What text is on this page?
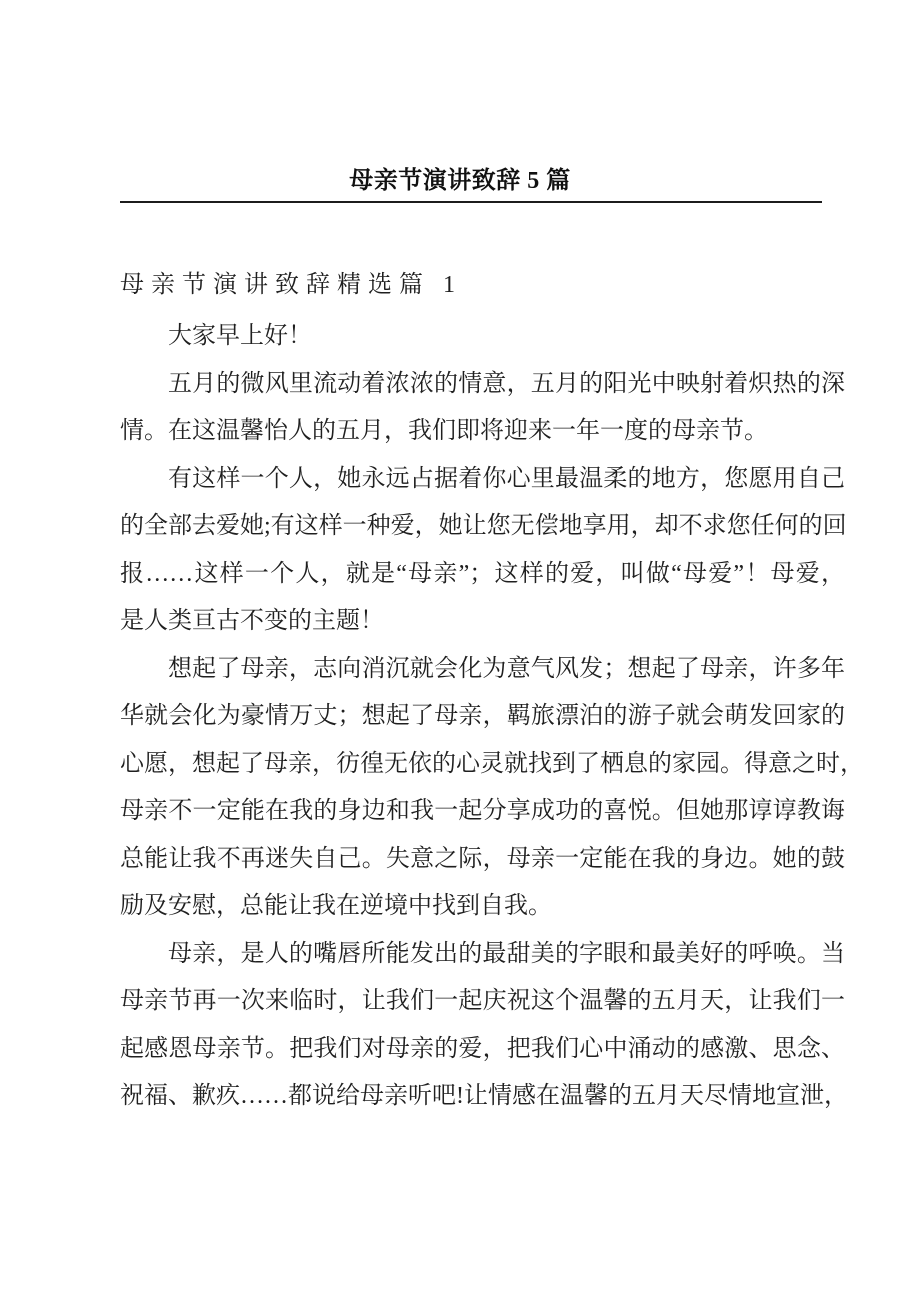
母亲节演讲致辞 5 篇
母亲节演讲致辞精选篇 1
大家早上好！
五月的微风里流动着浓浓的情意，五月的阳光中映射着炽热的深
情。在这温馨怡人的五月，我们即将迎来一年一度的母亲节。
有这样一个人，她永远占据着你心里最温柔的地方，您愿用自己
的全部去爱她;有这样一种爱，她让您无偿地享用，却不求您任何的回
报……这样一个人，就是“母亲”；这样的爱，叫做“母爱”！母爱，
是人类亘古不变的主题！
想起了母亲，志向消沉就会化为意气风发；想起了母亲，许多年
华就会化为豪情万丈；想起了母亲，羁旅漂泊的游子就会萌发回家的
心愿，想起了母亲，彷徨无依的心灵就找到了栖息的家园。得意之时，
母亲不一定能在我的身边和我一起分享成功的喜悦。但她那谆谆教诲
总能让我不再迷失自己。失意之际，母亲一定能在我的身边。她的鼓
励及安慰，总能让我在逆境中找到自我。
母亲，是人的嘴唇所能发出的最甜美的字眼和最美好的呼唤。当
母亲节再一次来临时，让我们一起庆祝这个温馨的五月天，让我们一
起感恩母亲节。把我们对母亲的爱，把我们心中涌动的感激、思念、
祝福、歉疚……都说给母亲听吧!让情感在温馨的五月天尽情地宣泄，
